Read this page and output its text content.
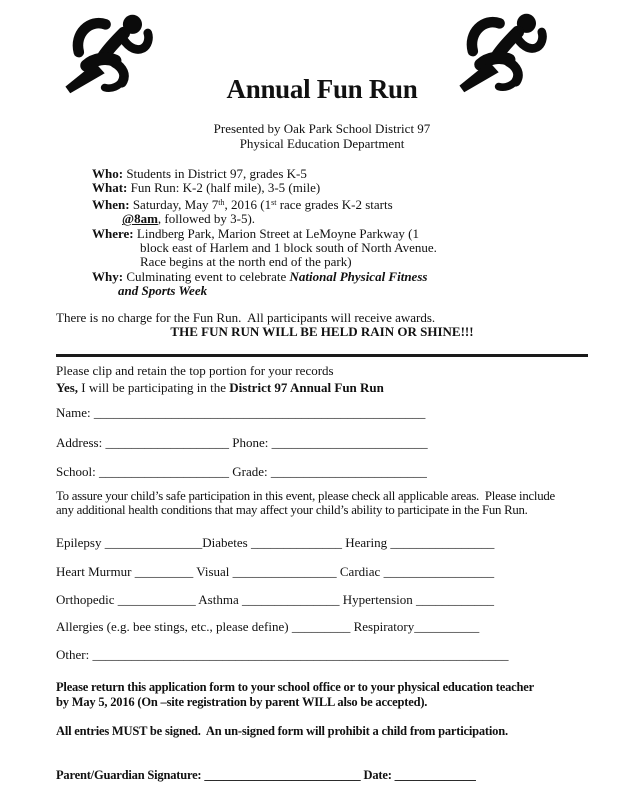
Annual Fun Run
Presented by Oak Park School District 97
Physical Education Department
Who: Students in District 97, grades K-5
What: Fun Run: K-2 (half mile), 3-5 (mile)
When: Saturday, May 7th, 2016 (1st race grades K-2 starts
@8am, followed by 3-5).
Where: Lindberg Park, Marion Street at LeMoyne Parkway (1
block east of Harlem and 1 block south of North Avenue.
Race begins at the north end of the park)
Why: Culminating event to celebrate National Physical Fitness
and Sports Week
There is no charge for the Fun Run.  All participants will receive awards.
THE FUN RUN WILL BE HELD RAIN OR SHINE!!!
Please clip and retain the top portion for your records
Yes, I will be participating in the District 97 Annual Fun Run
Name: ___________________________________________________
Address: ___________________ Phone: ________________________
School: ____________________ Grade: ________________________
To assure your child’s safe participation in this event, please check all applicable areas.  Please include
any additional health conditions that may affect your child’s ability to participate in the Fun Run.
Epilepsy _______________Diabetes ______________ Hearing ________________
Heart Murmur _________ Visual ________________ Cardiac _________________
Orthopedic ____________ Asthma _______________ Hypertension ____________
Allergies (e.g. bee stings, etc., please define) _________ Respiratory__________
Other: ________________________________________________________________
Please return this application form to your school office or to your physical education teacher
by May 5, 2016 (On –site registration by parent WILL also be accepted).
All entries MUST be signed.  An un-signed form will prohibit a child from participation.
Parent/Guardian Signature: _________________________ Date: _____________
